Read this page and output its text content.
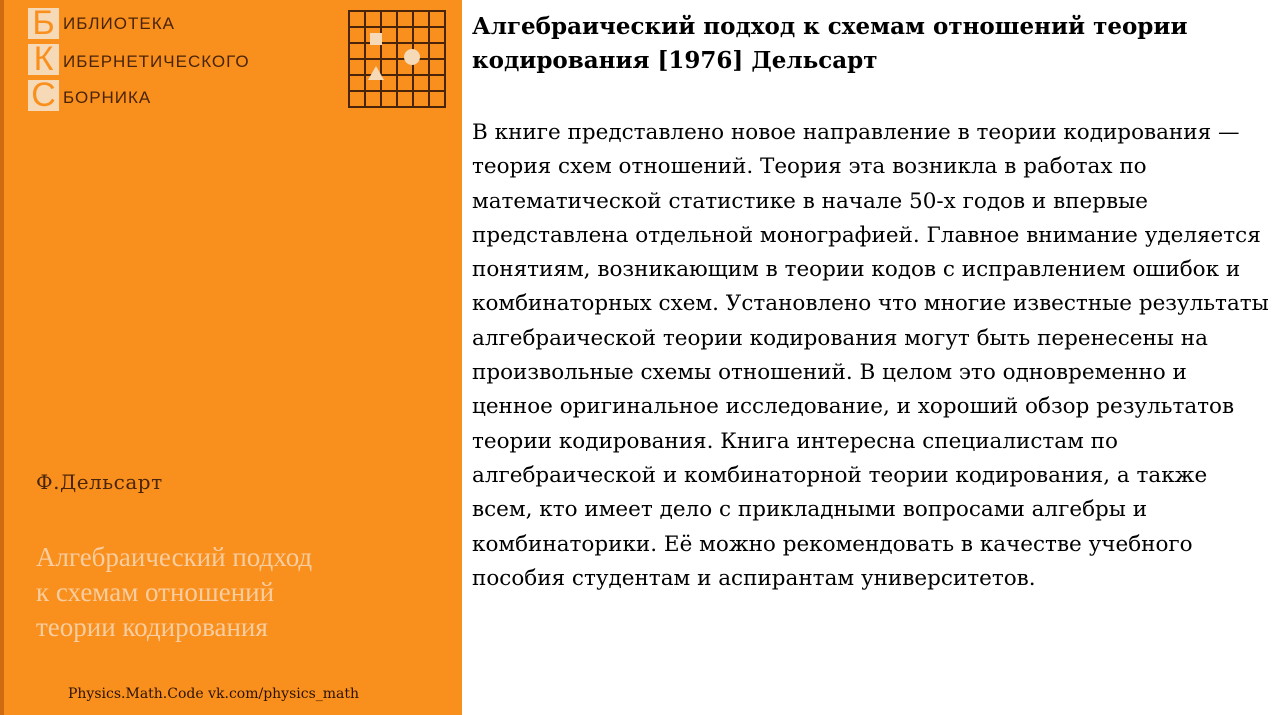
Б ИБЛИОТЕКА
К ИБЕРНЕТИЧЕСКОГО
С БОРНИКА
Ф.Дельсарт
Алгебраический подход
к схемам отношений
теории кодирования
Physics.Math.Code vk.com/physics_math
Алгебраический подход к схемам отношений теории кодирования [1976] Дельсарт
В книге представлено новое направление в теории кодирования — теория схем отношений. Теория эта возникла в работах по математической статистике в начале 50-х годов и впервые представлена отдельной монографией. Главное внимание уделяется понятиям, возникающим в теории кодов с исправлением ошибок и комбинаторных схем. Установлено что многие известные результаты алгебраической теории кодирования могут быть перенесены на произвольные схемы отношений. В целом это одновременно и ценное оригинальное исследование, и хороший обзор результатов теории кодирования. Книга интересна специалистам по алгебраической и комбинаторной теории кодирования, а также всем, кто имеет дело с прикладными вопросами алгебры и комбинаторики. Её можно рекомендовать в качестве учебного пособия студентам и аспирантам университетов.
